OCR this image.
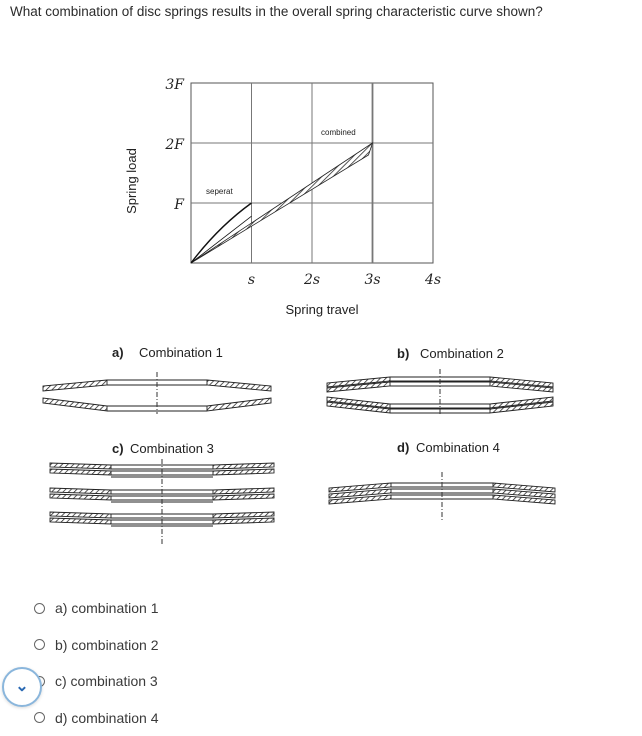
What combination of disc springs results in the overall spring characteristic curve shown?
s	2s	3s	4s
F
2F
3F
Spring load
Spring travel
seperat
combined
a) Combination 1	b) Combination 2
c) Combination 3	d) Combination 4
a) combination 1
b) combination 2
c) combination 3
d) combination 4
⌄
